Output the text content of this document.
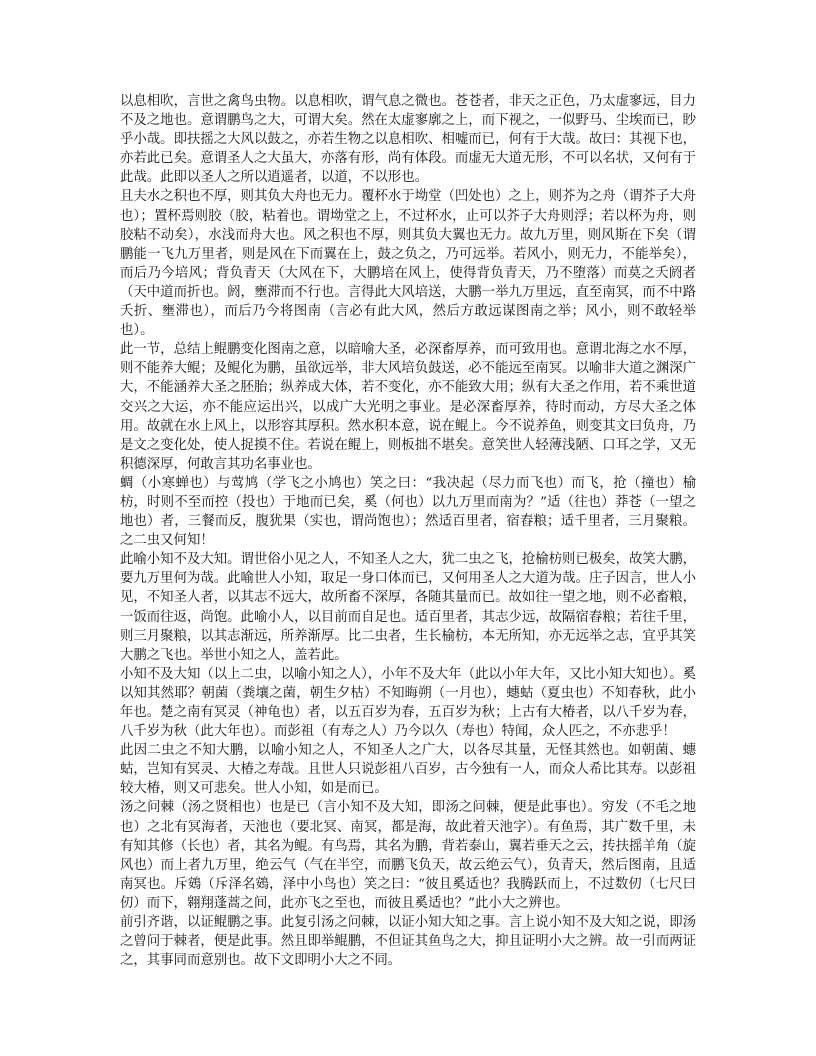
以息相吹，言世之禽鸟虫物。以息相吹，谓气息之微也。苍苍者，非天之正色，乃太虚寥远，目力不及之地也。意谓鹏鸟之大，可谓大矣。然在太虚寥廓之上，而下视之，一似野马、尘埃而已，眇乎小哉。即扶摇之大风以鼓之，亦若生物之以息相吹、相嘘而已，何有于大哉。故曰：其视下也，亦若此已矣。意谓圣人之大虽大，亦落有形，尚有体段。而虚无大道无形，不可以名状，又何有于此哉。此即以圣人之所以逍遥者，以道，不以形也。

且夫水之积也不厚，则其负大舟也无力。覆杯水于坳堂（凹处也）之上，则芥为之舟（谓芥子大舟也）；置杯焉则胶（胶，粘着也。谓坳堂之上，不过杯水，止可以芥子大舟则浮；若以杯为舟，则胶粘不动矣），水浅而舟大也。风之积也不厚，则其负大翼也无力。故九万里，则风斯在下矣（谓鹏能一飞九万里者，则是风在下而翼在上，鼓之负之，乃可远举。若风小，则无力，不能举矣），而后乃今培风；背负青天（大风在下，大鹏培在风上，使得背负青天，乃不堕落）而莫之夭阏者（天中道而折也。阏，壅滞而不行也。言得此大风培送，大鹏一举九万里远，直至南冥，而不中路夭折、壅滞也），而后乃今将图南（言必有此大风，然后方敢远谋图南之举；风小，则不敢轻举也）。

此一节，总结上鲲鹏变化图南之意，以暗喻大圣，必深畜厚养，而可致用也。意谓北海之水不厚，则不能养大鲲；及鲲化为鹏，虽欲远举，非大风培负鼓送，必不能远至南冥。以喻非大道之渊深广大，不能涵养大圣之胚胎；纵养成大体，若不变化，亦不能致大用；纵有大圣之作用，若不乘世道交兴之大运，亦不能应运出兴，以成广大光明之事业。是必深畜厚养，待时而动，方尽大圣之体用。故就在水上风上，以形容其厚积。然水积本意，说在鲲上。今不说养鱼，则变其文曰负舟，乃是文之变化处，使人捉摸不住。若说在鲲上，则板拙不堪矣。意笑世人轻薄浅陋、口耳之学，又无积德深厚，何敢言其功名事业也。

蜩（小寒蝉也）与莺鸠（学飞之小鸠也）笑之曰：“我决起（尽力而飞也）而飞，抢（撞也）榆枋，时则不至而控（投也）于地而已矣，奚（何也）以九万里而南为？”适（往也）莽苍（一望之地也）者，三餐而反，腹犹果（实也，谓尚饱也）；然适百里者，宿舂粮；适千里者，三月聚粮。之二虫又何知！

此喻小知不及大知。谓世俗小见之人，不知圣人之大，犹二虫之飞，抢榆枋则已极矣，故笑大鹏，要九万里何为哉。此喻世人小知，取足一身口体而已，又何用圣人之大道为哉。庄子因言，世人小见，不知圣人者，以其志不远大，故所畜不深厚，各随其量而已。故如往一望之地，则不必畜粮，一饭而往返，尚饱。此喻小人，以目前而自足也。适百里者，其志少远，故隔宿舂粮；若往千里，则三月聚粮，以其志渐远，所养渐厚。比二虫者，生长榆枋，本无所知，亦无远举之志，宜乎其笑大鹏之飞也。举世小知之人，盖若此。

小知不及大知（以上二虫，以喻小知之人），小年不及大年（此以小年大年，又比小知大知也）。奚以知其然耶？朝菌（粪壤之菌，朝生夕枯）不知晦朔（一月也），蟪蛄（夏虫也）不知春秋，此小年也。楚之南有冥灵（神龟也）者，以五百岁为春，五百岁为秋；上古有大椿者，以八千岁为春，八千岁为秋（此大年也）。而彭祖（有寿之人）乃今以久（寿也）特闻，众人匹之，不亦悲乎！

此因二虫之不知大鹏，以喻小知之人，不知圣人之广大，以各尽其量，无怪其然也。如朝菌、蟪蛄，岂知有冥灵、大椿之寿哉。且世人只说彭祖八百岁，古今独有一人，而众人希比其寿。以彭祖较大椿，则又可悲矣。世人小知，如是而已。

汤之问棘（汤之贤相也）也是已（言小知不及大知，即汤之问棘，便是此事也）。穷发（不毛之地也）之北有冥海者，天池也（要北冥、南冥，都是海，故此着天池字）。有鱼焉，其广数千里，未有知其修（长也）者，其名为鲲。有鸟焉，其名为鹏，背若泰山，翼若垂天之云，抟扶摇羊角（旋风也）而上者九万里，绝云气（气在半空，而鹏飞负天，故云绝云气），负青天，然后图南，且适南冥也。斥鴳（斥泽名鴳，泽中小鸟也）笑之曰：“彼且奚适也？我腾跃而上，不过数仞（七尺曰仞）而下，翱翔蓬蒿之间，此亦飞之至也，而彼且奚适也？”此小大之辨也。

前引齐谐，以证鲲鹏之事。此复引汤之问棘，以证小知大知之事。言上说小知不及大知之说，即汤之曾问于棘者，便是此事。然且即举鲲鹏，不但证其鱼鸟之大，抑且证明小大之辨。故一引而两证之，其事同而意别也。故下文即明小大之不同。
